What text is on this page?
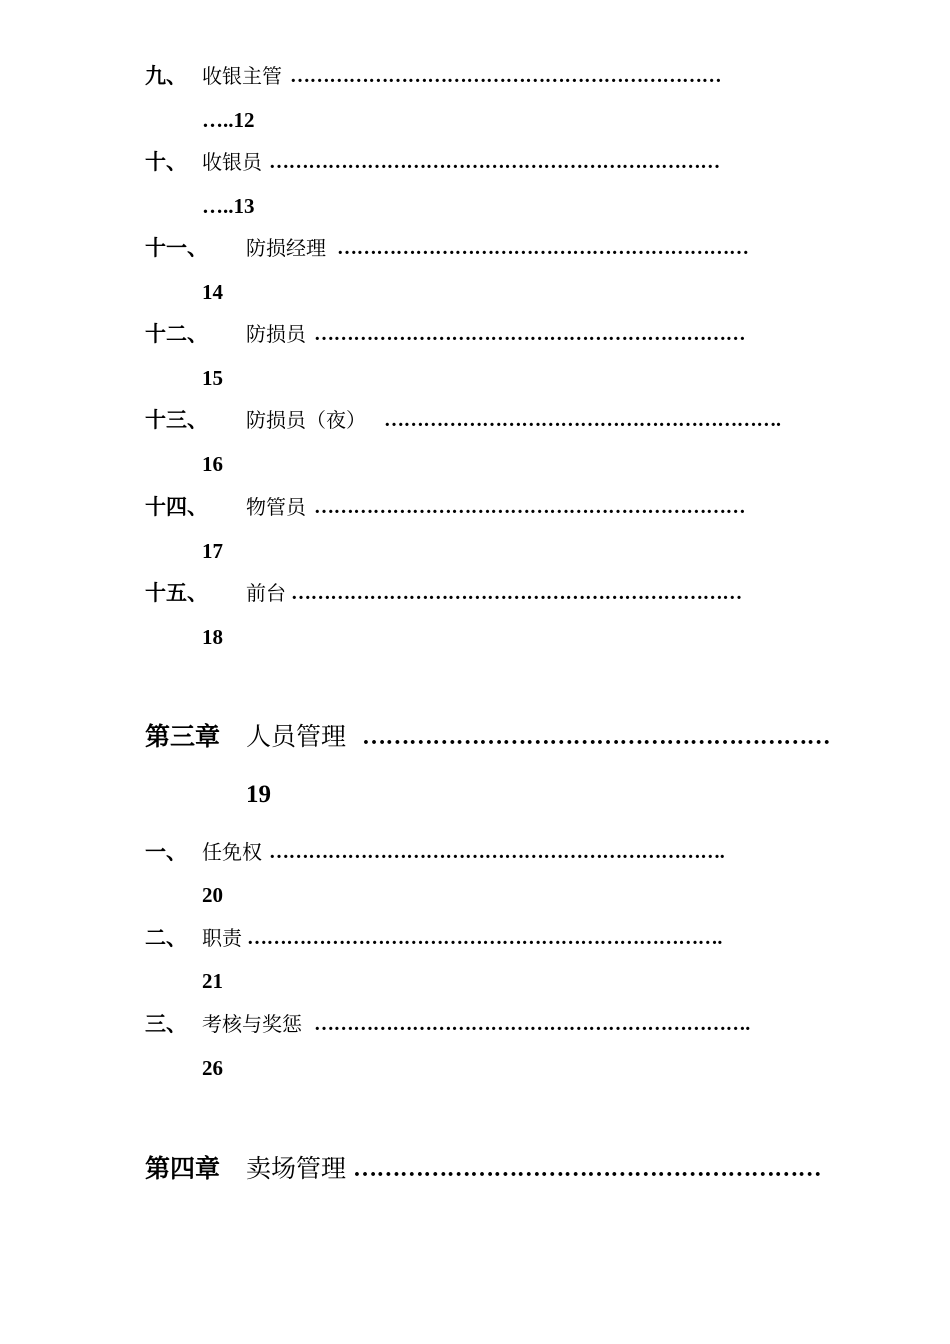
九、 收银主管 …………………………………………………………
…..12
十、 收银员 ……………………………………………………………
…..13
十一、 防损经理 ………………………………………………………
14
十二、 防损员 …………………………………………………………
15
十三、 防损员（夜） …………………………………………………….
16
十四、 物管员 …………………………………………………………
17
十五、 前台 ……………………………………………………………
18
第三章 人员管理 ……………………………………………………
19
一、 任免权 …………………………………………………………….
20
二、 职责 ……………………………………………………………….
21
三、 考核与奖惩 ………………………………………………………….
26
第四章 卖场管理 ……………………………………………………
